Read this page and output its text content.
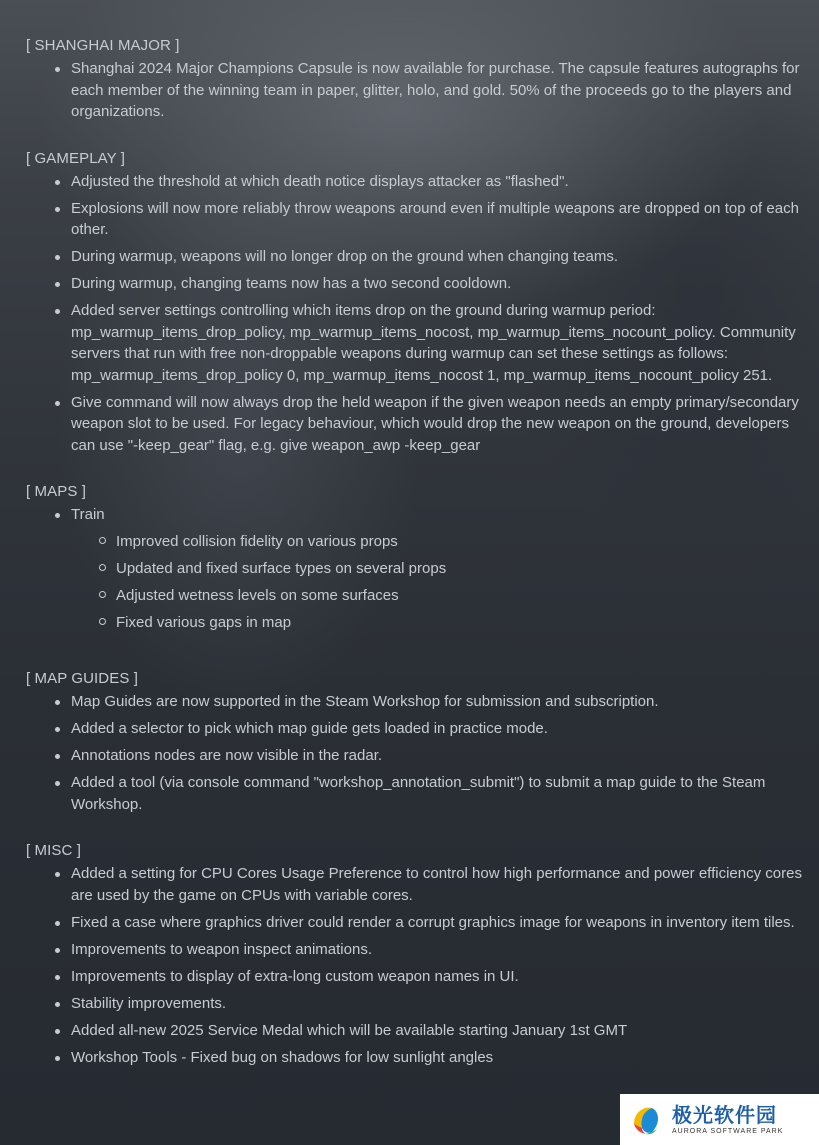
[ SHANGHAI MAJOR ]
Shanghai 2024 Major Champions Capsule is now available for purchase. The capsule features autographs for each member of the winning team in paper, glitter, holo, and gold. 50% of the proceeds go to the players and organizations.
[ GAMEPLAY ]
Adjusted the threshold at which death notice displays attacker as "flashed".
Explosions will now more reliably throw weapons around even if multiple weapons are dropped on top of each other.
During warmup, weapons will no longer drop on the ground when changing teams.
During warmup, changing teams now has a two second cooldown.
Added server settings controlling which items drop on the ground during warmup period: mp_warmup_items_drop_policy, mp_warmup_items_nocost, mp_warmup_items_nocount_policy. Community servers that run with free non-droppable weapons during warmup can set these settings as follows: mp_warmup_items_drop_policy 0, mp_warmup_items_nocost 1, mp_warmup_items_nocount_policy 251.
Give command will now always drop the held weapon if the given weapon needs an empty primary/secondary weapon slot to be used. For legacy behaviour, which would drop the new weapon on the ground, developers can use "-keep_gear" flag, e.g. give weapon_awp -keep_gear
[ MAPS ]
Train
Improved collision fidelity on various props
Updated and fixed surface types on several props
Adjusted wetness levels on some surfaces
Fixed various gaps in map
[ MAP GUIDES ]
Map Guides are now supported in the Steam Workshop for submission and subscription.
Added a selector to pick which map guide gets loaded in practice mode.
Annotations nodes are now visible in the radar.
Added a tool (via console command "workshop_annotation_submit") to submit a map guide to the Steam Workshop.
[ MISC ]
Added a setting for CPU Cores Usage Preference to control how high performance and power efficiency cores are used by the game on CPUs with variable cores.
Fixed a case where graphics driver could render a corrupt graphics image for weapons in inventory item tiles.
Improvements to weapon inspect animations.
Improvements to display of extra-long custom weapon names in UI.
Stability improvements.
Added all-new 2025 Service Medal which will be available starting January 1st GMT
Workshop Tools - Fixed bug on shadows for low sunlight angles
极光软件园
AURORA SOFTWARE PARK
